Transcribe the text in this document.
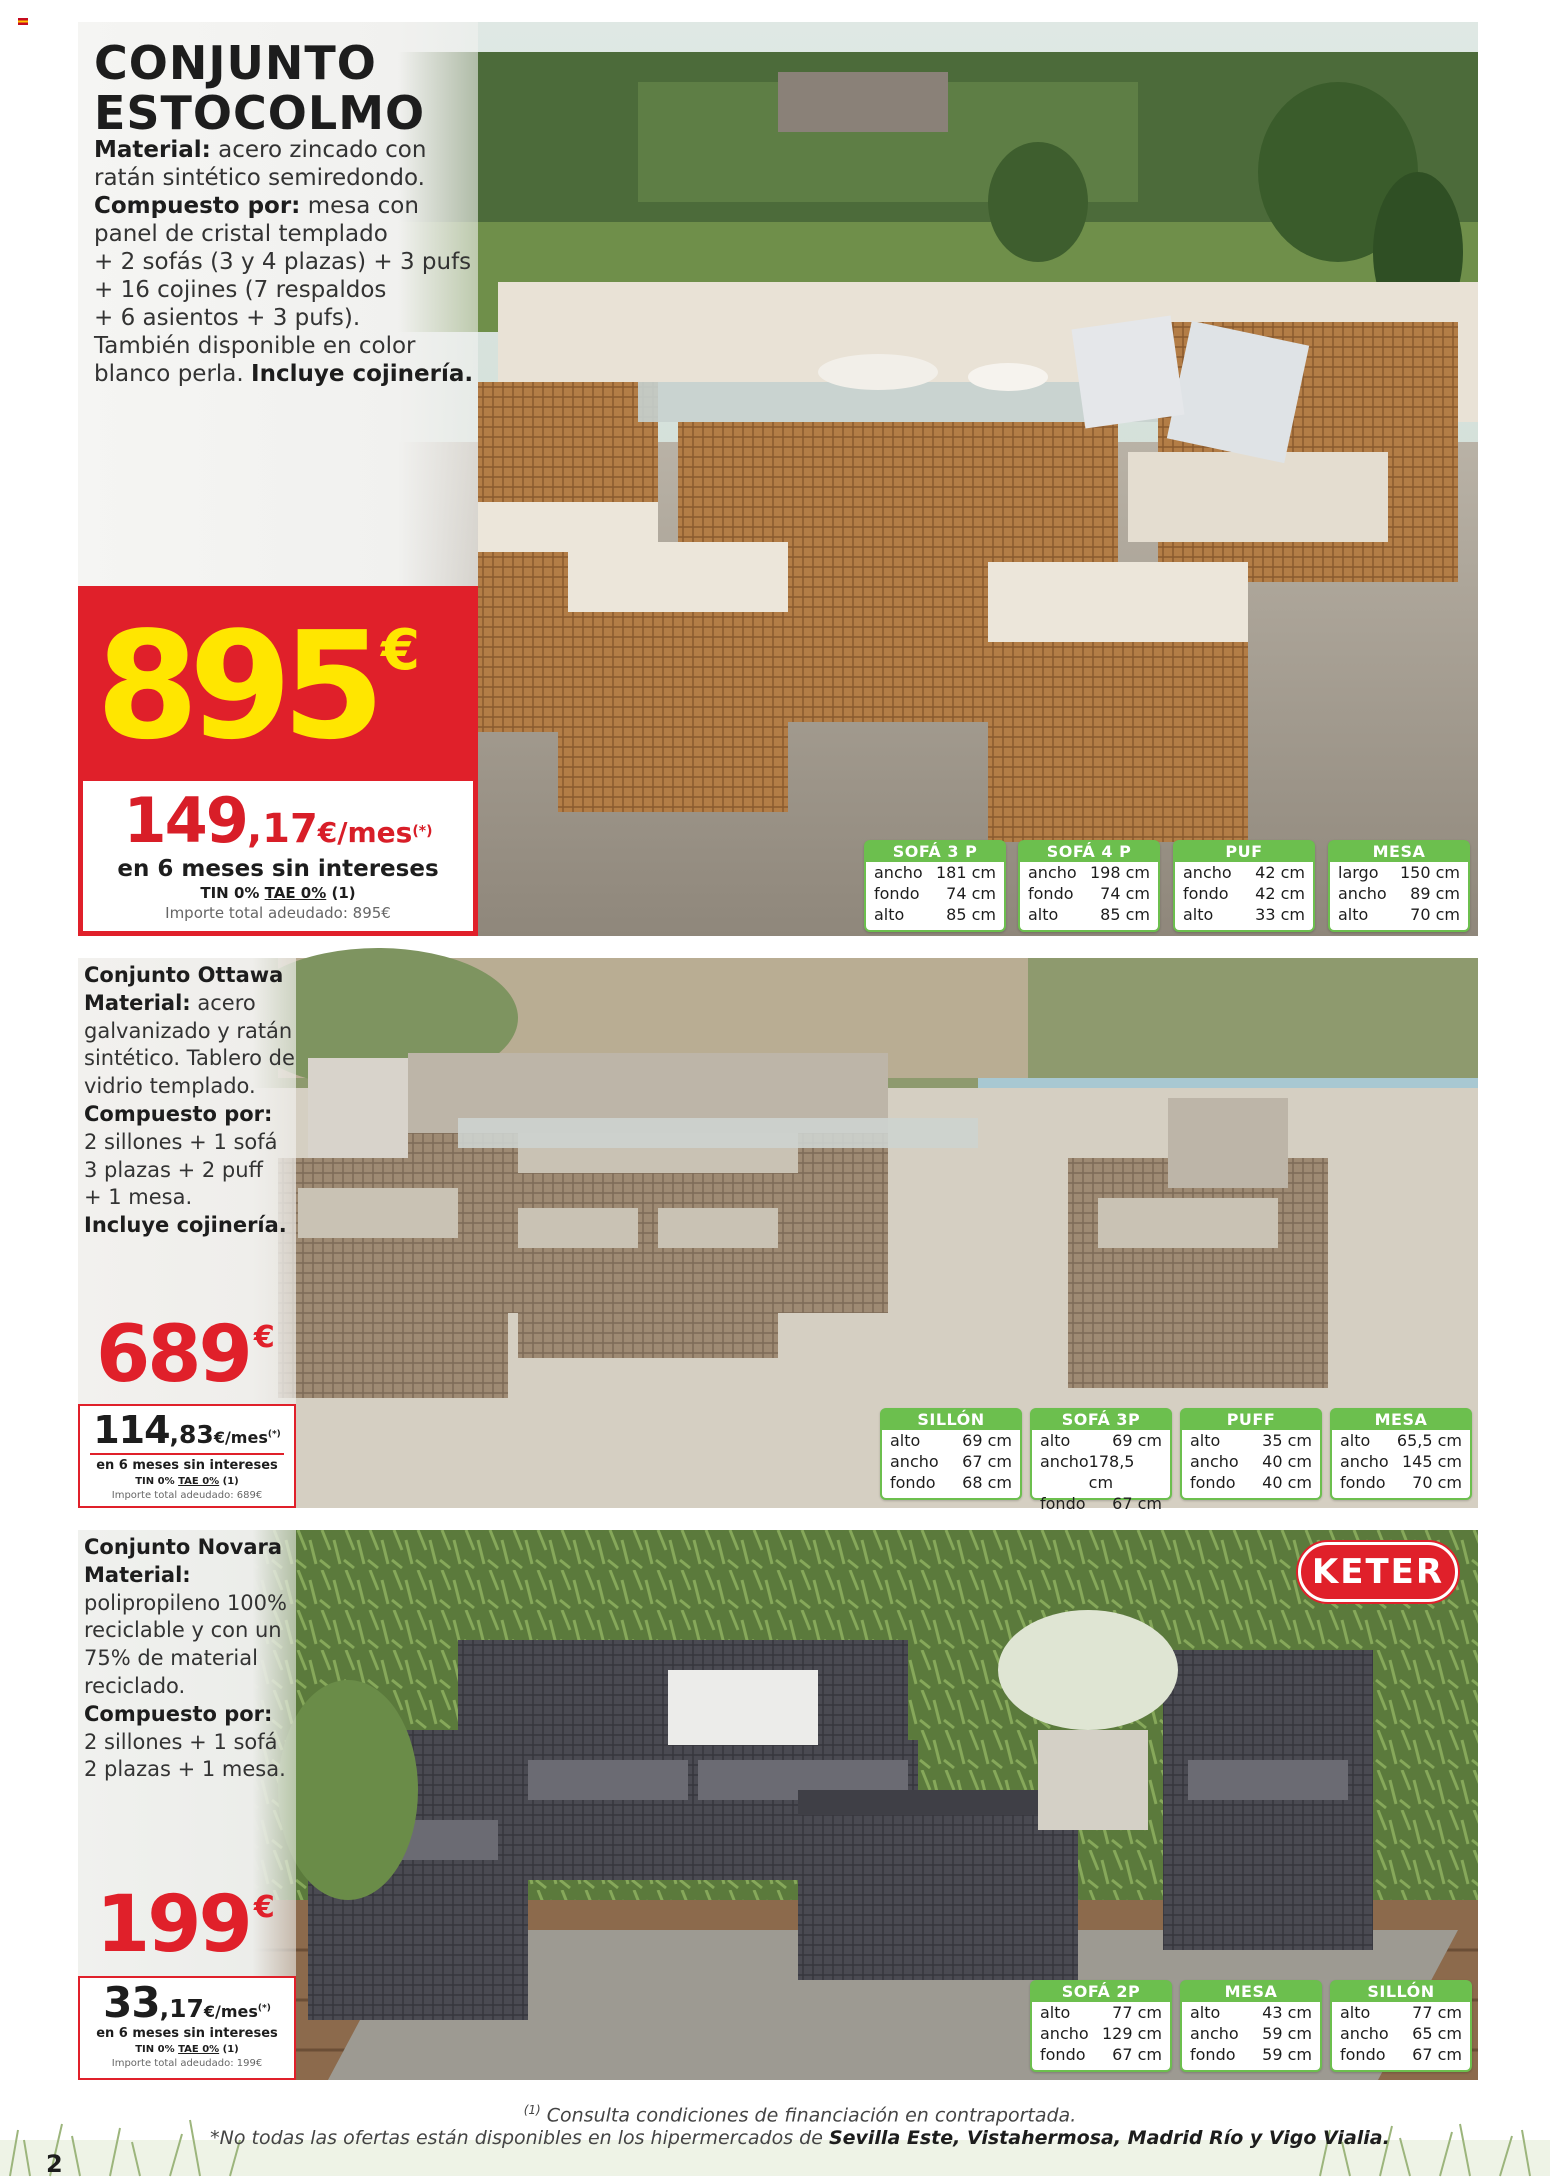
CONJUNTO
ESTOCOLMO
Material: acero zincado con
ratán sintético semiredondo.
Compuesto por: mesa con
panel de cristal templado
+ 2 sofás (3 y 4 plazas) + 3 pufs
+ 16 cojines (7 respaldos
+ 6 asientos + 3 pufs).
También disponible en color
blanco perla. Incluye cojinería.
895 €
149,17€/mes(*)
en 6 meses sin intereses
TIN 0% TAE 0% (1)
Importe total adeudado: 895€
SOFÁ 3 P
ancho 181 cm
fondo 74 cm
alto	85 cm
SOFÁ 4 P
ancho 198 cm
fondo 74 cm
alto	85 cm
PUF
ancho 42 cm
fondo 42 cm
alto	33 cm
MESA
largo 150 cm
ancho 89 cm
alto	70 cm
Conjunto Ottawa
Material: acero
galvanizado y ratán
sintético. Tablero de
vidrio templado.
Compuesto por:
2 sillones + 1 sofá
3 plazas + 2 puff
+ 1 mesa.
Incluye cojinería.
689 €
114,83€/mes(*)
en 6 meses sin intereses
TIN 0% TAE 0% (1)
Importe total adeudado: 689€
SILLÓN
alto	69 cm
ancho 67 cm
fondo 68 cm
SOFÁ 3P
alto	69 cm
ancho 178,5 cm
fondo 67 cm
PUFF
alto	35 cm
ancho 40 cm
fondo 40 cm
MESA
alto 65,5 cm
ancho 145 cm
fondo 70 cm
Conjunto Novara
Material:
polipropileno 100%
reciclable y con un
75% de material
reciclado.
Compuesto por:
2 sillones + 1 sofá
2 plazas + 1 mesa.
KETER
199 €
33,17€/mes(*)
en 6 meses sin intereses
TIN 0% TAE 0% (1)
Importe total adeudado: 199€
SOFÁ 2P
alto	77 cm
ancho 129 cm
fondo 67 cm
MESA
alto	43 cm
ancho 59 cm
fondo 59 cm
SILLÓN
alto	77 cm
ancho 65 cm
fondo 67 cm
2
$^{(1)}$ Consulta condiciones de financiación en contraportada.
*No todas las ofertas están disponibles en los hipermercados de Sevilla Este, Vistahermosa, Madrid Río y Vigo Vialia.
